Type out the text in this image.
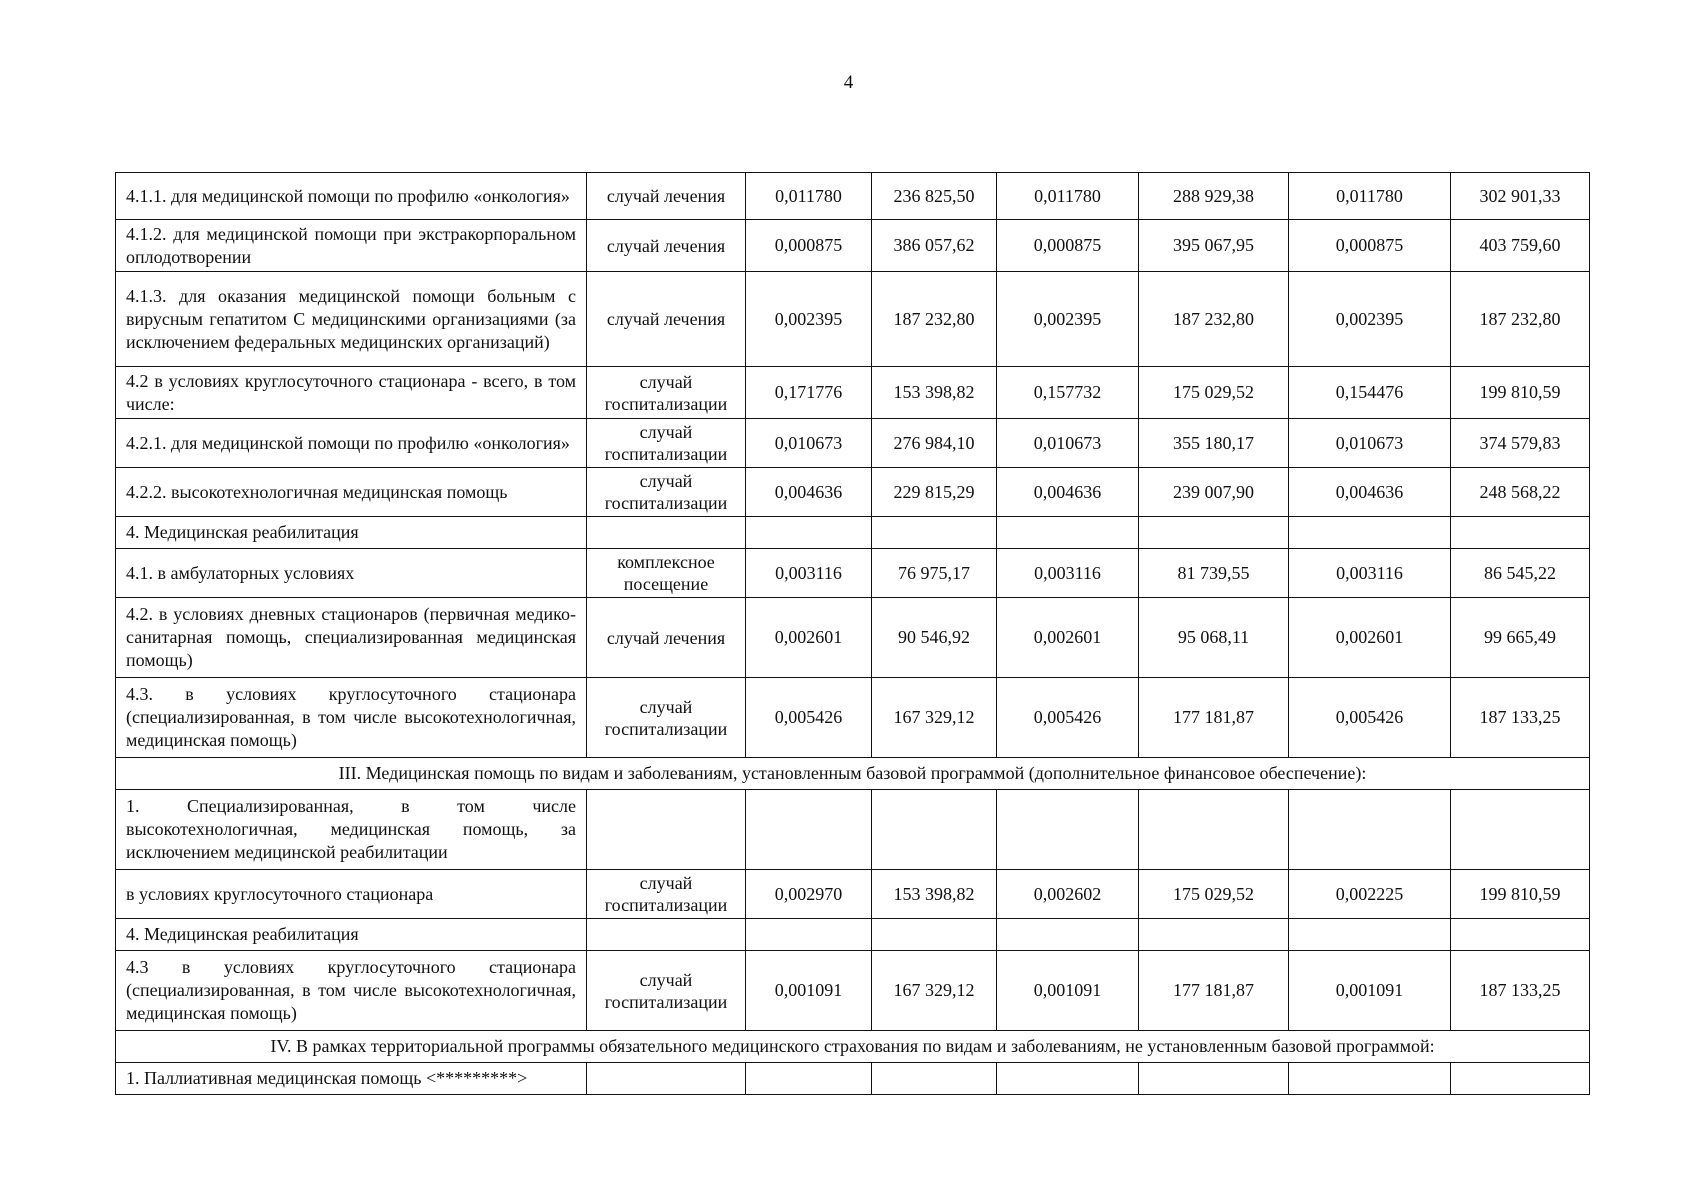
4
4.1.1. для медицинской помощи по профилю «онкология»	случай лечения	0,011780	236 825,50	0,011780	288 929,38	0,011780	302 901,33
4.1.2. для медицинской помощи при экстракорпоральном оплодотворении	случай лечения	0,000875	386 057,62	0,000875	395 067,95	0,000875	403 759,60
4.1.3. для оказания медицинской помощи больным с вирусным гепатитом С медицинскими организациями (за исключением федеральных медицинских организаций)	случай лечения	0,002395	187 232,80	0,002395	187 232,80	0,002395	187 232,80
4.2 в условиях круглосуточного стационара - всего, в том числе:	случай госпитализации	0,171776	153 398,82	0,157732	175 029,52	0,154476	199 810,59
4.2.1. для медицинской помощи по профилю «онкология»	случай госпитализации	0,010673	276 984,10	0,010673	355 180,17	0,010673	374 579,83
4.2.2. высокотехнологичная медицинская помощь	случай госпитализации	0,004636	229 815,29	0,004636	239 007,90	0,004636	248 568,22
4. Медицинская реабилитация							
4.1. в амбулаторных условиях	комплексное посещение	0,003116	76 975,17	0,003116	81 739,55	0,003116	86 545,22
4.2. в условиях дневных стационаров (первичная медико-санитарная помощь, специализированная медицинская помощь)	случай лечения	0,002601	90 546,92	0,002601	95 068,11	0,002601	99 665,49
4.3. в условиях круглосуточного стационара (специализированная, в том числе высокотехнологичная, медицинская помощь)	случай госпитализации	0,005426	167 329,12	0,005426	177 181,87	0,005426	187 133,25
III. Медицинская помощь по видам и заболеваниям, установленным базовой программой (дополнительное финансовое обеспечение):							
1. Специализированная, в том числе высокотехнологичная, медицинская помощь, за исключением медицинской реабилитации							
в условиях круглосуточного стационара	случай госпитализации	0,002970	153 398,82	0,002602	175 029,52	0,002225	199 810,59
4. Медицинская реабилитация							
4.3 в условиях круглосуточного стационара (специализированная, в том числе высокотехнологичная, медицинская помощь)	случай госпитализации	0,001091	167 329,12	0,001091	177 181,87	0,001091	187 133,25
IV. В рамках территориальной программы обязательного медицинского страхования по видам и заболеваниям, не установленным базовой программой:							
1. Паллиативная медицинская помощь <*********>							
